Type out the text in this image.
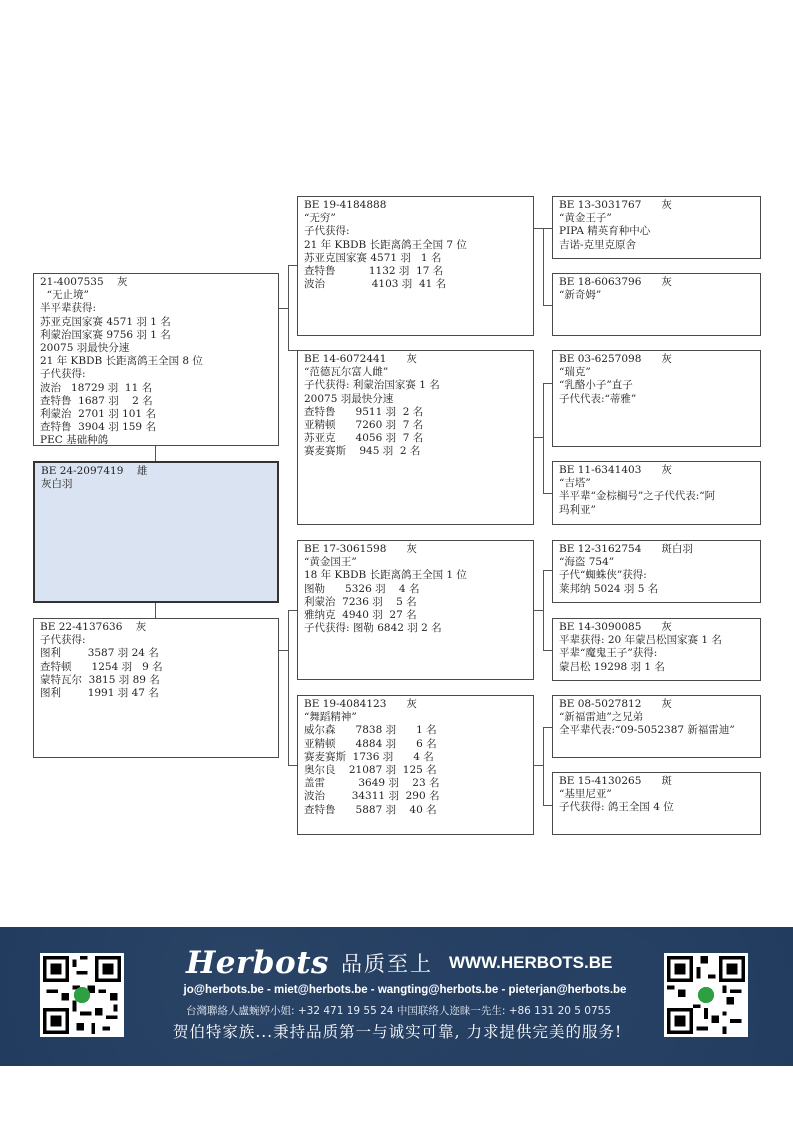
21-4007535    灰
“无止境”
半平辈获得:
苏亚克国家赛 4571 羽 1 名
利蒙治国家赛 9756 羽 1 名
20075 羽最快分速
21 年 KBDB 长距离鸽王全国 8 位
子代获得:
波治   18729 羽  11 名
查特鲁  1687 羽    2 名
利蒙治  2701 羽 101 名
查特鲁  3904 羽 159 名
PEC 基础种鸽
BE 24-2097419    雄
灰白羽
BE 22-4137636    灰
子代获得:
图利        3587 羽 24 名
查特顿      1254 羽   9 名
蒙特瓦尔  3815 羽 89 名
图利        1991 羽 47 名
BE 19-4184888
“无穷”
子代获得:
21 年 KBDB 长距离鸽王全国 7 位
苏亚克国家赛 4571 羽   1 名
查特鲁          1132 羽  17 名
波治              4103 羽  41 名
BE 14-6072441      灰
“范德瓦尔富人雌”
子代获得: 利蒙治国家赛 1 名
20075 羽最快分速
查特鲁      9511 羽  2 名
亚精顿      7260 羽  7 名
苏亚克      4056 羽  7 名
赛麦赛斯    945 羽  2 名
BE 17-3061598      灰
“黄金国王”
18 年 KBDB 长距离鸽王全国 1 位
图勒      5326 羽    4 名
利蒙治  7236 羽    5 名
雅纳克  4940 羽  27 名
子代获得: 图勒 6842 羽 2 名
BE 19-4084123      灰
“舞蹈精神”
威尔森      7838 羽      1 名
亚精顿      4884 羽      6 名
赛麦赛斯  1736 羽      4 名
奥尔良    21087 羽  125 名
盖雷          3649 羽    23 名
波治        34311 羽  290 名
查特鲁      5887 羽    40 名
BE 13-3031767      灰
“黄金王子”
PIPA 精英育种中心
吉诺-克里克原舍
BE 18-6063796      灰
“新奇姆”
BE 03-6257098      灰
“瑞克”
“乳酪小子”直子
子代代表:“蒂雅”
BE 11-6341403      灰
“吉塔”
半平辈“金棕榈号”之子代代表:“阿
玛利亚”
BE 12-3162754      斑白羽
“海盗 754”
子代“蜘蛛侠”获得:
莱邦纳 5024 羽 5 名
BE 14-3090085      灰
平辈获得: 20 年蒙吕松国家赛 1 名
平辈“魔鬼王子”获得:
蒙吕松 19298 羽 1 名
BE 08-5027812      灰
“新福雷迪”之兄弟
全平辈代表:“09-5052387 新福雷迪”
BE 15-4130265      斑
“基里尼亚”
子代获得: 鸽王全国 4 位
Herbots 品质至上 WWW.HERBOTS.BE
jo@herbots.be - miet@herbots.be - wangting@herbots.be - pieterjan@herbots.be
台灣聯絡人盧蜿婷小姐: +32 471 19 55 24 中国联络人迩睐一先生: +86 131 20 5 0755
贺伯特家族...秉持品质第一与诚实可靠, 力求提供完美的服务!
